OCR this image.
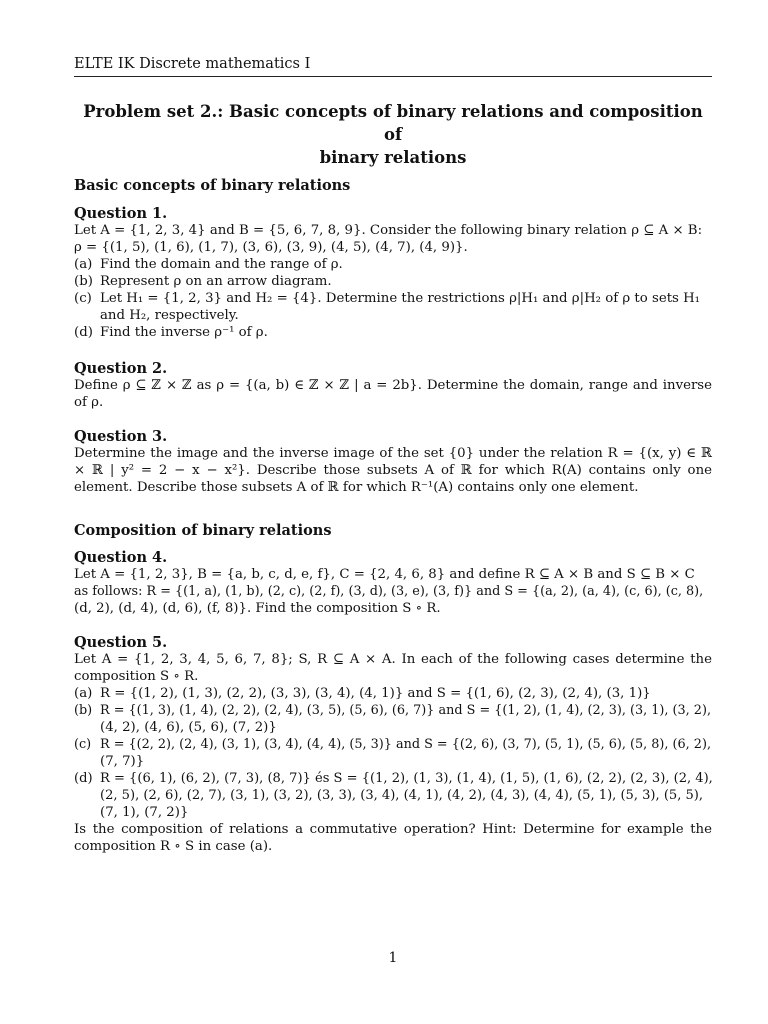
ELTE IK Discrete mathematics I
Problem set 2.: Basic concepts of binary relations and composition of
binary relations
Basic concepts of binary relations
Question 1.
Let A = {1, 2, 3, 4} and B = {5, 6, 7, 8, 9}. Consider the following binary relation ρ ⊆ A × B:
ρ = {(1, 5), (1, 6), (1, 7), (3, 6), (3, 9), (4, 5), (4, 7), (4, 9)}.
(a) Find the domain and the range of ρ.
(b) Represent ρ on an arrow diagram.
(c) Let H₁ = {1, 2, 3} and H₂ = {4}. Determine the restrictions ρ|H₁ and ρ|H₂ of ρ to sets H₁
and H₂, respectively.
(d) Find the inverse ρ⁻¹ of ρ.
Question 2.
Define ρ ⊆ ℤ × ℤ as ρ = {(a, b) ∈ ℤ × ℤ | a = 2b}. Determine the domain, range and inverse of ρ.
Question 3.
Determine the image and the inverse image of the set {0} under the relation R = {(x, y) ∈ ℝ × ℝ | y² = 2 − x − x²}. Describe those subsets A of ℝ for which R(A) contains only one element. Describe those subsets A of ℝ for which R⁻¹(A) contains only one element.
Composition of binary relations
Question 4.
Let A = {1, 2, 3}, B = {a, b, c, d, e, f}, C = {2, 4, 6, 8} and define R ⊆ A × B and S ⊆ B × C
as follows: R = {(1, a), (1, b), (2, c), (2, f), (3, d), (3, e), (3, f)} and S = {(a, 2), (a, 4), (c, 6), (c, 8),
(d, 2), (d, 4), (d, 6), (f, 8)}. Find the composition S ∘ R.
Question 5.
Let A = {1, 2, 3, 4, 5, 6, 7, 8}; S, R ⊆ A × A. In each of the following cases determine the composition S ∘ R.
(a) R = {(1, 2), (1, 3), (2, 2), (3, 3), (3, 4), (4, 1)} and S = {(1, 6), (2, 3), (2, 4), (3, 1)}
(b) R = {(1, 3), (1, 4), (2, 2), (2, 4), (3, 5), (5, 6), (6, 7)} and S = {(1, 2), (1, 4), (2, 3), (3, 1), (3, 2),
(4, 2), (4, 6), (5, 6), (7, 2)}
(c) R = {(2, 2), (2, 4), (3, 1), (3, 4), (4, 4), (5, 3)} and S = {(2, 6), (3, 7), (5, 1), (5, 6), (5, 8), (6, 2),
(7, 7)}
(d) R = {(6, 1), (6, 2), (7, 3), (8, 7)} és S = {(1, 2), (1, 3), (1, 4), (1, 5), (1, 6), (2, 2), (2, 3), (2, 4),
(2, 5), (2, 6), (2, 7), (3, 1), (3, 2), (3, 3), (3, 4), (4, 1), (4, 2), (4, 3), (4, 4), (5, 1), (5, 3), (5, 5),
(7, 1), (7, 2)}
Is the composition of relations a commutative operation? Hint: Determine for example the composition R ∘ S in case (a).
1
